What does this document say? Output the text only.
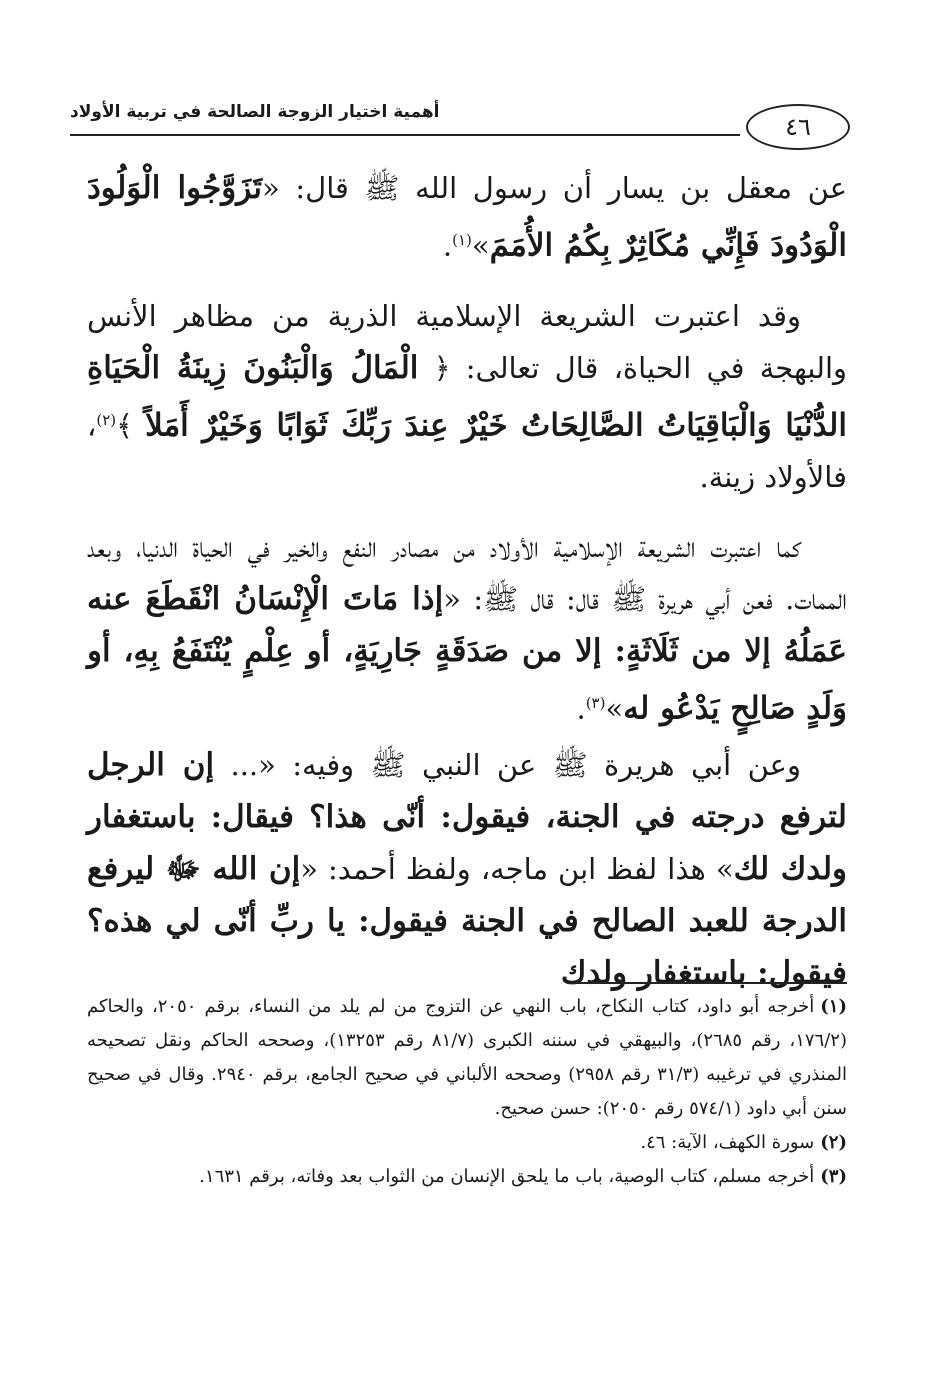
٤٦
أهمية اختيار الزوجة الصالحة في تربية الأولاد

عن معقل بن يسار أن رسول الله ﷺ قال: «تَزَوَّجُوا الْوَلُودَ الْوَدُودَ فَإِنِّي مُكَاثِرٌ بِكُمُ الأُمَمَ»$^{(١)}$.

وقد اعتبرت الشريعة الإسلامية الذرية من مظاهر الأنس والبهجة في الحياة، قال تعالى: ﴿ الْمَالُ وَالْبَنُونَ زِينَةُ الْحَيَاةِ الدُّنْيَا وَالْبَاقِيَاتُ الصَّالِحَاتُ خَيْرٌ عِندَ رَبِّكَ ثَوَابًا وَخَيْرٌ أَمَلاً ﴾$^{(٢)}$، فالأولاد زينة.

كما اعتبرت الشريعة الإسلامية الأولاد من مصادر النفع والخير في الحياة الدنيا، وبعد الممات. فعن أبي هريرة ﷺ قال: قال ﷺ: «إذا مَاتَ الْإِنْسَانُ انْقَطَعَ عنه عَمَلُهُ إلا من ثَلَاثَةٍ: إلا من صَدَقَةٍ جَارِيَةٍ، أو عِلْمٍ يُنْتَفَعُ بِهِ، أو وَلَدٍ صَالِحٍ يَدْعُو له»$^{(٣)}$.

وعن أبي هريرة ﷺ عن النبي ﷺ وفيه: «... إن الرجل لترفع درجته في الجنة، فيقول: أنّى هذا؟ فيقال: باستغفار ولدك لك» هذا لفظ ابن ماجه، ولفظ أحمد: «إن الله ﷻ ليرفع الدرجة للعبد الصالح في الجنة فيقول: يا ربِّ أنّى لي هذه؟ فيقول: باستغفار ولدك

(١)أخرجه أبو داود، كتاب النكاح، باب النهي عن التزوج من لم يلد من النساء، برقم ٢٠٥٠، والحاكم (١٧٦/٢، رقم ٢٦٨٥)، والبيهقي في سننه الكبرى (٨١/٧ رقم ١٣٢٥٣)، وصححه الحاكم ونقل تصحيحه المنذري في ترغيبه (٣١/٣ رقم ٢٩٥٨) وصححه الألباني في صحيح الجامع، برقم ٢٩٤٠. وقال في صحيح سنن أبي داود (٥٧٤/١ رقم ٢٠٥٠): حسن صحيح.

(٢)سورة الكهف، الآية: ٤٦.

(٣)أخرجه مسلم، كتاب الوصية، باب ما يلحق الإنسان من الثواب بعد وفاته، برقم ١٦٣١.
